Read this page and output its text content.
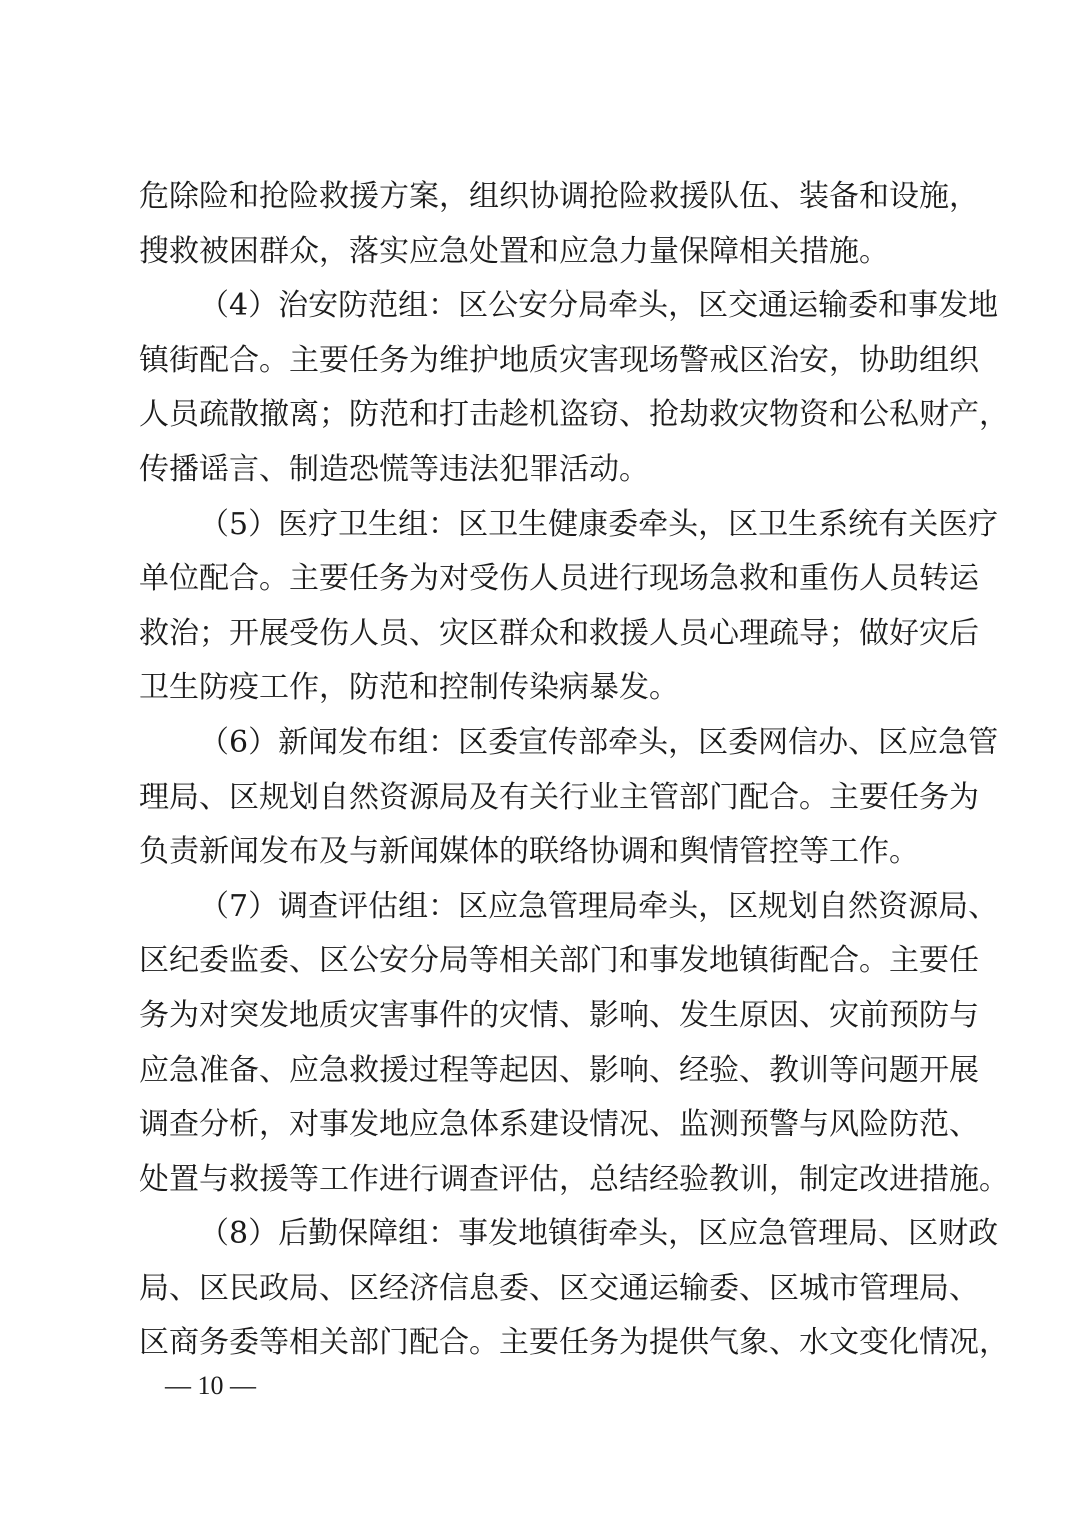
危除险和抢险救援方案，组织协调抢险救援队伍、装备和设施，
搜救被困群众，落实应急处置和应急力量保障相关措施。
（4）治安防范组：区公安分局牵头，区交通运输委和事发地
镇街配合。主要任务为维护地质灾害现场警戒区治安，协助组织
人员疏散撤离；防范和打击趁机盗窃、抢劫救灾物资和公私财产，
传播谣言、制造恐慌等违法犯罪活动。
（5）医疗卫生组：区卫生健康委牵头，区卫生系统有关医疗
单位配合。主要任务为对受伤人员进行现场急救和重伤人员转运
救治；开展受伤人员、灾区群众和救援人员心理疏导；做好灾后
卫生防疫工作，防范和控制传染病暴发。
（6）新闻发布组：区委宣传部牵头，区委网信办、区应急管
理局、区规划自然资源局及有关行业主管部门配合。主要任务为
负责新闻发布及与新闻媒体的联络协调和舆情管控等工作。
（7）调查评估组：区应急管理局牵头，区规划自然资源局、
区纪委监委、区公安分局等相关部门和事发地镇街配合。主要任
务为对突发地质灾害事件的灾情、影响、发生原因、灾前预防与
应急准备、应急救援过程等起因、影响、经验、教训等问题开展
调查分析，对事发地应急体系建设情况、监测预警与风险防范、
处置与救援等工作进行调查评估，总结经验教训，制定改进措施。
（8）后勤保障组：事发地镇街牵头，区应急管理局、区财政
局、区民政局、区经济信息委、区交通运输委、区城市管理局、
区商务委等相关部门配合。主要任务为提供气象、水文变化情况，
— 10 —
